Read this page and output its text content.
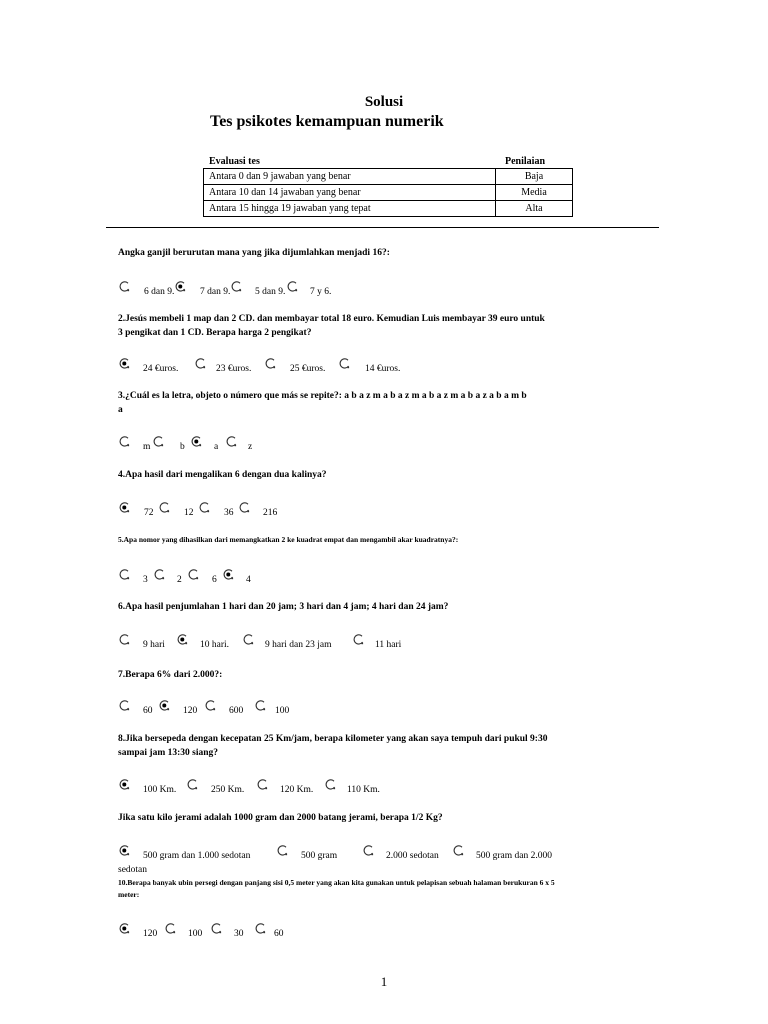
Solusi
Tes psikotes kemampuan numerik
Evaluasi tes	Penilaian
Antara 0 dan 9 jawaban yang benar	Baja
Antara 10 dan 14 jawaban yang benar	Media
Antara 15 hingga 19 jawaban yang tepat	Alta
Angka ganjil berurutan mana yang jika dijumlahkan menjadi 16?:
6 dan 9.	7 dan 9.	5 dan 9.	7 y 6.
2.Jesús membeli 1 map dan 2 CD. dan membayar total 18 euro. Kemudian Luis membayar 39 euro untuk 3 pengikat dan 1 CD. Berapa harga 2 pengikat?
24 €uros.	23 €uros.	25 €uros.	14 €uros.
3.¿Cuál es la letra, objeto o número que más se repite?: a b a z m a b a z m a b a z m a b a z a b a m b a
m	b	a	z
4.Apa hasil dari mengalikan 6 dengan dua kalinya?
72	12	36	216
5.Apa nomor yang dihasilkan dari memangkatkan 2 ke kuadrat empat dan mengambil akar kuadratnya?:
3	2	6	4
6.Apa hasil penjumlahan 1 hari dan 20 jam; 3 hari dan 4 jam; 4 hari dan 24 jam?
9 hari	10 hari.	9 hari dan 23 jam	11 hari
7.Berapa 6% dari 2.000?:
60	120	600	100
8.Jika bersepeda dengan kecepatan 25 Km/jam, berapa kilometer yang akan saya tempuh dari pukul 9:30 sampai jam 13:30 siang?
100 Km.	250 Km.	120 Km.	110 Km.
Jika satu kilo jerami adalah 1000 gram dan 2000 batang jerami, berapa 1/2 Kg?
500 gram dan 1.000 sedotan	500 gram	2.000 sedotan	500 gram dan 2.000
sedotan
10.Berapa banyak ubin persegi dengan panjang sisi 0,5 meter yang akan kita gunakan untuk pelapisan sebuah halaman berukuran 6 x 5 meter:
120	100	30	60
1
